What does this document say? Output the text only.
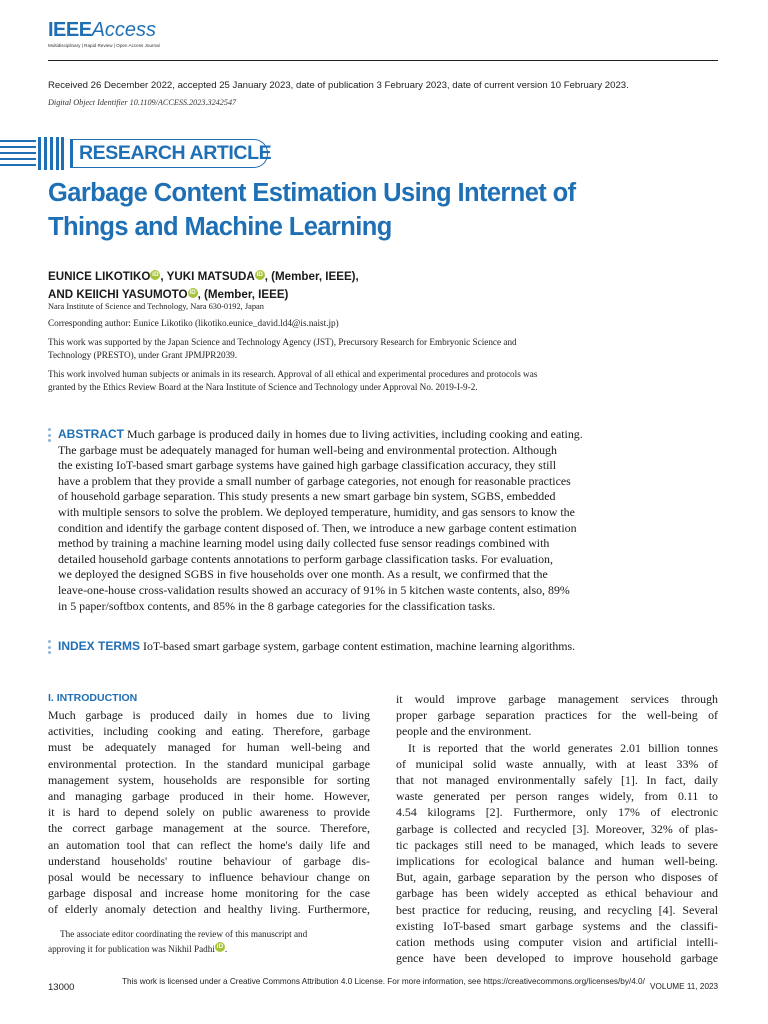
IEEEAccess
Multidisciplinary | Rapid Review | Open Access Journal
Received 26 December 2022, accepted 25 January 2023, date of publication 3 February 2023, date of current version 10 February 2023.
Digital Object Identifier 10.1109/ACCESS.2023.3242547
RESEARCH ARTICLE
Garbage Content Estimation Using Internet of
Things and Machine Learning
EUNICE LIKOTIKO iD , YUKI MATSUDA iD , (Member, IEEE),
AND KEIICHI YASUMOTO iD , (Member, IEEE)
Nara Institute of Science and Technology, Nara 630-0192, Japan
Corresponding author: Eunice Likotiko (likotiko.eunice_david.ld4@is.naist.jp)
This work was supported by the Japan Science and Technology Agency (JST), Precursory Research for Embryonic Science and
Technology (PRESTO), under Grant JPMJPR2039.
This work involved human subjects or animals in its research. Approval of all ethical and experimental procedures and protocols was
granted by the Ethics Review Board at the Nara Institute of Science and Technology under Approval No. 2019-I-9-2.
ABSTRACT Much garbage is produced daily in homes due to living activities, including cooking and eating.
The garbage must be adequately managed for human well-being and environmental protection. Although
the existing IoT-based smart garbage systems have gained high garbage classification accuracy, they still
have a problem that they provide a small number of garbage categories, not enough for reasonable practices
of household garbage separation. This study presents a new smart garbage bin system, SGBS, embedded
with multiple sensors to solve the problem. We deployed temperature, humidity, and gas sensors to know the
condition and identify the garbage content disposed of. Then, we introduce a new garbage content estimation
method by training a machine learning model using daily collected fuse sensor readings combined with
detailed household garbage contents annotations to perform garbage classification tasks. For evaluation,
we deployed the designed SGBS in five households over one month. As a result, we confirmed that the
leave-one-house cross-validation results showed an accuracy of 91% in 5 kitchen waste contents, also, 89%
in 5 paper/softbox contents, and 85% in the 8 garbage categories for the classification tasks.
INDEX TERMS IoT-based smart garbage system, garbage content estimation, machine learning algorithms.
I. INTRODUCTION
Much garbage is produced daily in homes due to living
activities, including cooking and eating. Therefore, garbage
must be adequately managed for human well-being and
environmental protection. In the standard municipal garbage
management system, households are responsible for sorting
and managing garbage produced in their home. However,
it is hard to depend solely on public awareness to provide
the correct garbage management at the source. Therefore,
an automation tool that can reflect the home's daily life and
understand households' routine behaviour of garbage dis-
posal would be necessary to influence behaviour change on
garbage disposal and increase home monitoring for the case
of elderly anomaly detection and healthy living. Furthermore,
it would improve garbage management services through
proper garbage separation practices for the well-being of
people and the environment.
It is reported that the world generates 2.01 billion tonnes
of municipal solid waste annually, with at least 33% of
that not managed environmentally safely [1]. In fact, daily
waste generated per person ranges widely, from 0.11 to
4.54 kilograms [2]. Furthermore, only 17% of electronic
garbage is collected and recycled [3]. Moreover, 32% of plas-
tic packages still need to be managed, which leads to severe
implications for ecological balance and human well-being.
But, again, garbage separation by the person who disposes of
garbage has been widely accepted as ethical behaviour and
best practice for reducing, reusing, and recycling [4]. Several
existing IoT-based smart garbage systems and the classifi-
cation methods using computer vision and artificial intelli-
gence have been developed to improve household garbage
The associate editor coordinating the review of this manuscript and
approving it for publication was Nikhil Padhi iD .
13000
This work is licensed under a Creative Commons Attribution 4.0 License. For more information, see https://creativecommons.org/licenses/by/4.0/
VOLUME 11, 2023
